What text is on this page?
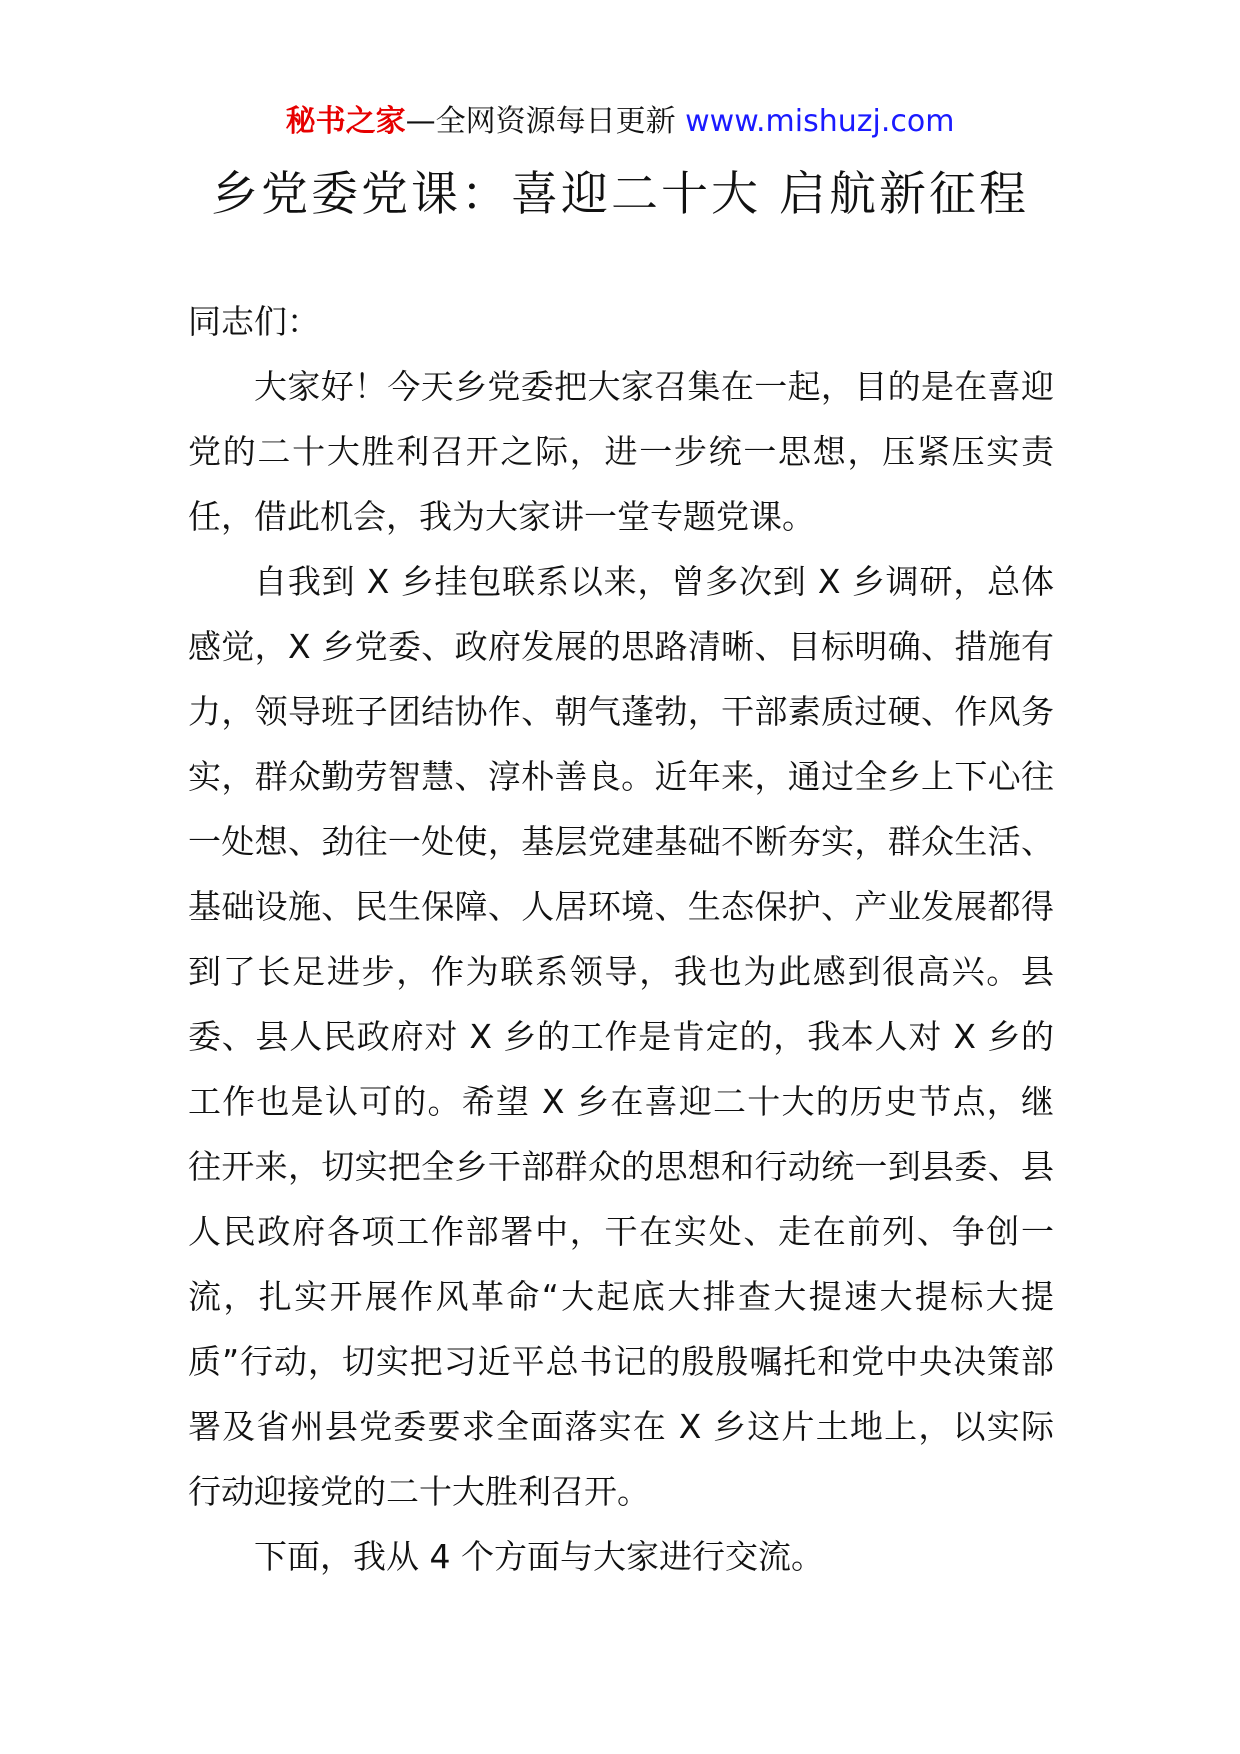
秘书之家—全网资源每日更新 www.mishuzj.com
乡党委党课：喜迎二十大 启航新征程

同志们：

大家好！今天乡党委把大家召集在一起，目的是在喜迎党的二十大胜利召开之际，进一步统一思想，压紧压实责任，借此机会，我为大家讲一堂专题党课。

自我到 X 乡挂包联系以来，曾多次到 X 乡调研，总体感觉，X 乡党委、政府发展的思路清晰、目标明确、措施有力，领导班子团结协作、朝气蓬勃，干部素质过硬、作风务实，群众勤劳智慧、淳朴善良。近年来，通过全乡上下心往一处想、劲往一处使，基层党建基础不断夯实，群众生活、基础设施、民生保障、人居环境、生态保护、产业发展都得到了长足进步，作为联系领导，我也为此感到很高兴。县委、县人民政府对 X 乡的工作是肯定的，我本人对 X 乡的工作也是认可的。希望 X 乡在喜迎二十大的历史节点，继往开来，切实把全乡干部群众的思想和行动统一到县委、县人民政府各项工作部署中，干在实处、走在前列、争创一流，扎实开展作风革命“大起底大排查大提速大提标大提质”行动，切实把习近平总书记的殷殷嘱托和党中央决策部署及省州县党委要求全面落实在 X 乡这片土地上，以实际行动迎接党的二十大胜利召开。

下面，我从 4 个方面与大家进行交流。
